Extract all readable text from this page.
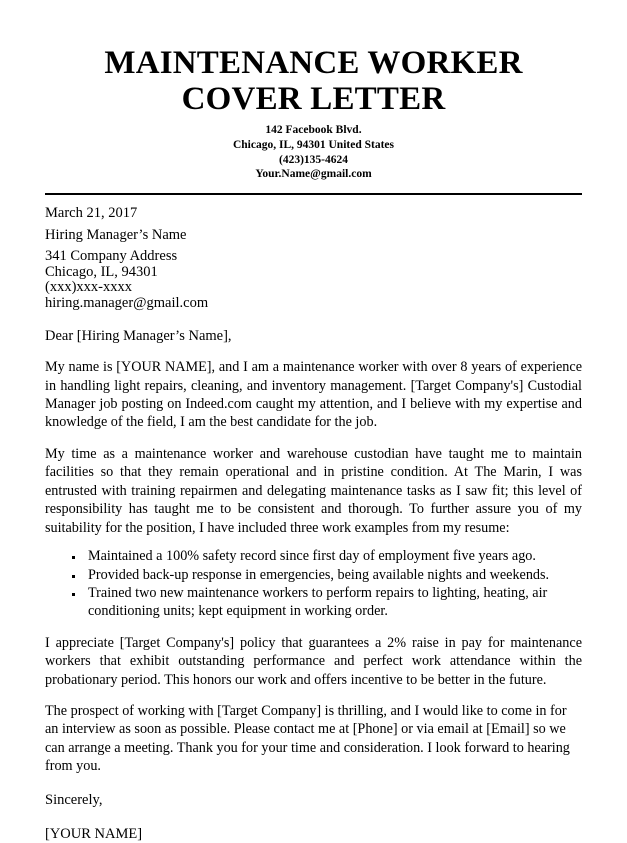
MAINTENANCE WORKER COVER LETTER
142 Facebook Blvd.
Chicago, IL, 94301 United States
(423)135-4624
Your.Name@gmail.com
March 21, 2017
Hiring Manager’s Name
341 Company Address
Chicago, IL, 94301
(xxx)xxx-xxxx
hiring.manager@gmail.com

Dear [Hiring Manager’s Name],

My name is [YOUR NAME], and I am a maintenance worker with over 8 years of experience in handling light repairs, cleaning, and inventory management. [Target Company's] Custodial Manager job posting on Indeed.com caught my attention, and I believe with my expertise and knowledge of the field, I am the best candidate for the job.

My time as a maintenance worker and warehouse custodian have taught me to maintain facilities so that they remain operational and in pristine condition. At The Marin, I was entrusted with training repairmen and delegating maintenance tasks as I saw fit; this level of responsibility has taught me to be consistent and thorough. To further assure you of my suitability for the position, I have included three work examples from my resume:

Maintained a 100% safety record since first day of employment five years ago.
Provided back-up response in emergencies, being available nights and weekends.
Trained two new maintenance workers to perform repairs to lighting, heating, air conditioning units; kept equipment in working order.

I appreciate [Target Company's] policy that guarantees a 2% raise in pay for maintenance workers that exhibit outstanding performance and perfect work attendance within the probationary period. This honors our work and offers incentive to be better in the future.

The prospect of working with [Target Company] is thrilling, and I would like to come in for an interview as soon as possible. Please contact me at [Phone] or via email at [Email] so we can arrange a meeting. Thank you for your time and consideration. I look forward to hearing from you.

Sincerely,

[YOUR NAME]
